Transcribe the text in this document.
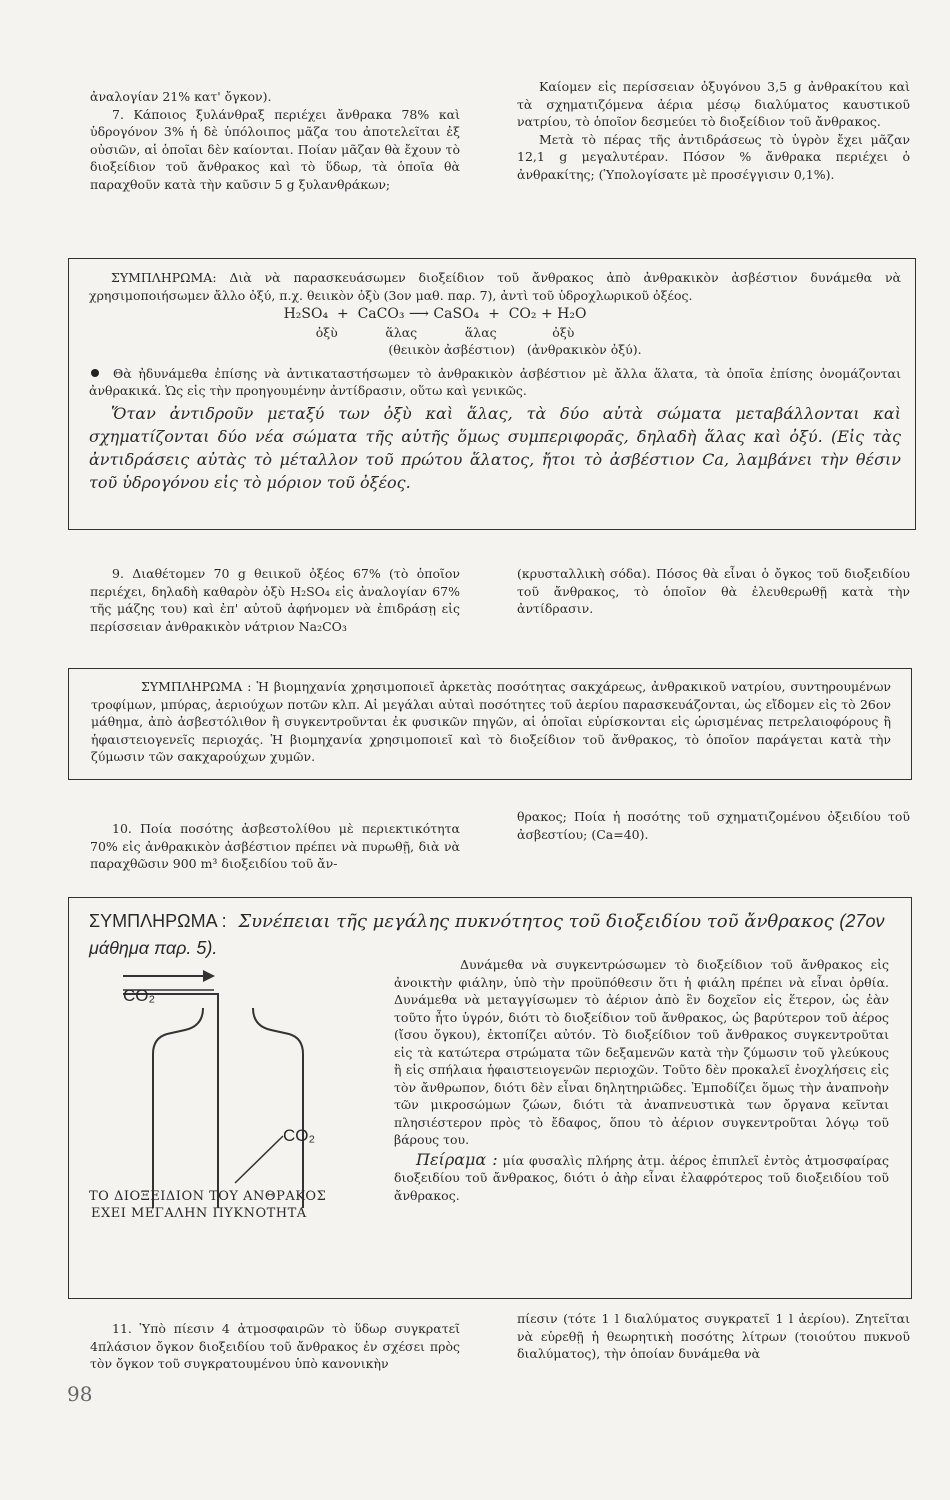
ἀναλογίαν 21% κατ' ὄγκον).

7. Κάποιος ξυλάνθραξ περιέχει ἄνθρακα 78% καὶ ὑδρογόνον 3% ἡ δὲ ὑπόλοιπος μᾶζα του ἀποτελεῖται ἐξ οὐσιῶν, αἱ ὁποῖαι δὲν καίονται. Ποίαν μᾶζαν θὰ ἔχουν τὸ διοξείδιον τοῦ ἄνθρακος καὶ τὸ ὕδωρ, τὰ ὁποῖα θὰ παραχθοῦν κατὰ τὴν καῦσιν 5 g ξυλανθράκων;

Καίομεν εἰς περίσσειαν ὀξυγόνου 3,5 g ἀνθρακίτου καὶ τὰ σχηματιζόμενα ἀέρια μέσῳ διαλύματος καυστικοῦ νατρίου, τὸ ὁποῖον δεσμεύει τὸ διοξείδιον τοῦ ἄνθρακος.

Μετὰ τὸ πέρας τῆς ἀντιδράσεως τὸ ὑγρὸν ἔχει μᾶζαν 12,1 g μεγαλυτέραν. Πόσον % ἄνθρακα περιέχει ὁ ἀνθρακίτης; (Ὑπολογίσατε μὲ προσέγγισιν 0,1%).

ΣΥΜΠΛΗΡΩΜΑ: Διὰ νὰ παρασκευάσωμεν διοξείδιον τοῦ ἄνθρακος ἀπὸ ἀνθρακικὸν ἀσβέστιον δυνάμεθα νὰ χρησιμοποιήσωμεν ἄλλο ὀξύ, π.χ. θειικὸν ὀξὺ (3ον μαθ. παρ. 7), ἀντὶ τοῦ ὑδροχλωρικοῦ ὀξέος.

H₂SO₄  +  CaCO₃ ⟶ CaSO₄  +  CO₂ + H₂O

ὀξὺ            ἅλας            ἅλας              ὀξὺ

(θειικὸν ἀσβέστιον)   (ἀνθρακικὸν ὀξύ).

Θὰ ἠδυνάμεθα ἐπίσης νὰ ἀντικαταστήσωμεν τὸ ἀνθρακικὸν ἀσβέστιον μὲ ἄλλα ἅλατα, τὰ ὁποῖα ἐπίσης ὀνομάζονται ἀνθρακικά. Ὡς εἰς τὴν προηγουμένην ἀντίδρασιν, οὕτω καὶ γενικῶς.

Ὅταν ἀντιδροῦν μεταξύ των ὀξὺ καὶ ἅλας, τὰ δύο αὐτὰ σώματα μεταβάλλονται καὶ σχηματίζονται δύο νέα σώματα τῆς αὐτῆς ὅμως συμπεριφορᾶς, δηλαδὴ ἅλας καὶ ὀξύ. (Εἰς τὰς ἀντιδράσεις αὐτὰς τὸ μέταλλον τοῦ πρώτου ἅλατος, ἤτοι τὸ ἀσβέστιον Ca, λαμβάνει τὴν θέσιν τοῦ ὑδρογόνου εἰς τὸ μόριον τοῦ ὀξέος.

9. Διαθέτομεν 70 g θειικοῦ ὀξέος 67% (τὸ ὁποῖον περιέχει, δηλαδὴ καθαρὸν ὀξὺ H₂SO₄ εἰς ἀναλογίαν 67% τῆς μάζης του) καὶ ἐπ' αὐτοῦ ἀφήνομεν νὰ ἐπιδράσῃ εἰς περίσσειαν ἀνθρακικὸν νάτριον Na₂CO₃
(κρυσταλλικὴ σόδα). Πόσος θὰ εἶναι ὁ ὄγκος τοῦ διοξειδίου τοῦ ἄνθρακος, τὸ ὁποῖον θὰ ἐλευθερωθῇ κατὰ τὴν ἀντίδρασιν.
ΣΥΜΠΛΗΡΩΜΑ : Ἡ βιομηχανία χρησιμοποιεῖ ἀρκετὰς ποσότητας σακχάρεως, ἀνθρακικοῦ νατρίου, συντηρουμένων τροφίμων, μπύρας, ἀεριούχων ποτῶν κλπ. Αἱ μεγάλαι αὐταὶ ποσότητες τοῦ ἀερίου παρασκευάζονται, ὡς εἴδομεν εἰς τὸ 26ον μάθημα, ἀπὸ ἀσβεστόλιθον ἢ συγκεντροῦνται ἐκ φυσικῶν πηγῶν, αἱ ὁποῖαι εὑρίσκονται εἰς ὡρισμένας πετρελαιοφόρους ἢ ἡφαιστειογενεῖς περιοχάς. Ἡ βιομηχανία χρησιμοποιεῖ καὶ τὸ διοξείδιον τοῦ ἄνθρακος, τὸ ὁποῖον παράγεται κατὰ τὴν ζύμωσιν τῶν σακχαρούχων χυμῶν.
10. Ποία ποσότης ἀσβεστολίθου μὲ περιεκτικότητα 70% εἰς ἀνθρακικὸν ἀσβέστιον πρέπει νὰ πυρωθῇ, διὰ νὰ παραχθῶσιν 900 m³ διοξειδίου τοῦ ἄν-
θρακος; Ποία ἡ ποσότης τοῦ σχηματιζομένου ὀξειδίου τοῦ ἀσβεστίου; (Ca=40).
ΣΥΜΠΛΗΡΩΜΑ : Συνέπειαι τῆς μεγάλης πυκνότητος τοῦ διοξειδίου τοῦ ἄνθρακος (27ον μάθημα παρ. 5).
CO₂
CO₂
ΤΟ ΔΙΟΞΕΙΔΙΟΝ ΤΟΥ ΑΝΘΡΑΚΟΣ
ΕΧΕΙ ΜΕΓΑΛΗΝ ΠΥΚΝΟΤΗΤΑ

Δυνάμεθα νὰ συγκεντρώσωμεν τὸ διοξείδιον τοῦ ἄνθρακος εἰς ἀνοικτὴν φιάλην, ὑπὸ τὴν προϋπόθεσιν ὅτι ἡ φιάλη πρέπει νὰ εἶναι ὀρθία. Δυνάμεθα νὰ μεταγγίσωμεν τὸ ἀέριον ἀπὸ ἓν δοχεῖον εἰς ἕτερον, ὡς ἐὰν τοῦτο ἦτο ὑγρόν, διότι τὸ διοξείδιον τοῦ ἄνθρακος, ὡς βαρύτερον τοῦ ἀέρος (ἴσου ὄγκου), ἐκτοπίζει αὐτόν. Τὸ διοξείδιον τοῦ ἄνθρακος συγκεντροῦται εἰς τὰ κατώτερα στρώματα τῶν δεξαμενῶν κατὰ τὴν ζύμωσιν τοῦ γλεύκους ἢ εἰς σπήλαια ἡφαιστειογενῶν περιοχῶν. Τοῦτο δὲν προκαλεῖ ἐνοχλήσεις εἰς τὸν ἄνθρωπον, διότι δὲν εἶναι δηλητηριῶδες. Ἐμποδίζει ὅμως τὴν ἀναπνοὴν τῶν μικροσώμων ζώων, διότι τὰ ἀναπνευστικὰ των ὄργανα κεῖνται πλησιέστερον πρὸς τὸ ἔδαφος, ὅπου τὸ ἀέριον συγκεντροῦται λόγῳ τοῦ βάρους του.

Πείραμα : μία φυσαλὶς πλήρης ἀτμ. ἀέρος ἐπιπλεῖ ἐντὸς ἀτμοσφαίρας διοξειδίου τοῦ ἄνθρακος, διότι ὁ ἀὴρ εἶναι ἐλαφρότερος τοῦ διοξειδίου τοῦ ἄνθρακος.

11. Ὑπὸ πίεσιν 4 ἀτμοσφαιρῶν τὸ ὕδωρ συγκρατεῖ 4πλάσιον ὄγκον διοξειδίου τοῦ ἄνθρακος ἐν σχέσει πρὸς τὸν ὄγκον τοῦ συγκρατουμένου ὑπὸ κανονικὴν
πίεσιν (τότε 1 l διαλύματος συγκρατεῖ 1 l ἀερίου). Ζητεῖται νὰ εὑρεθῇ ἡ θεωρητικὴ ποσότης λίτρων (τοιούτου πυκνοῦ διαλύματος), τὴν ὁποίαν δυνάμεθα νὰ
98
